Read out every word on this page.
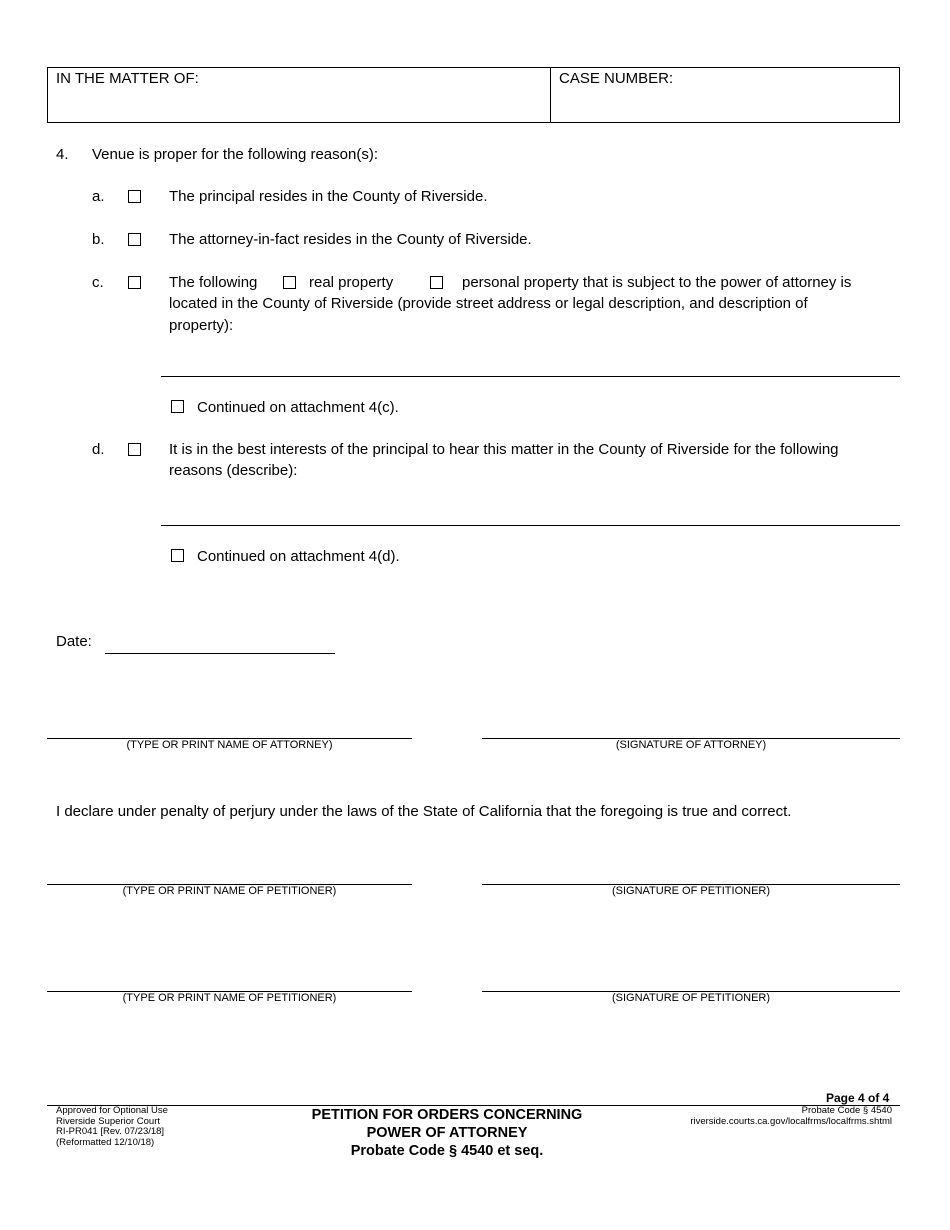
IN THE MATTER OF:	CASE NUMBER:
4. Venue is proper for the following reason(s):
a.	The principal resides in the County of Riverside.
b.	The attorney-in-fact resides in the County of Riverside.
c.	The following	real property	personal property that is subject to the power of attorney is
located in the County of Riverside (provide street address or legal description, and description of
property):
Continued on attachment 4(c).
d.	It is in the best interests of the principal to hear this matter in the County of Riverside for the following
reasons (describe):
Continued on attachment 4(d).
Date:
(TYPE OR PRINT NAME OF ATTORNEY)	(SIGNATURE OF ATTORNEY)
I declare under penalty of perjury under the laws of the State of California that the foregoing is true and correct.
(TYPE OR PRINT NAME OF PETITIONER)	(SIGNATURE OF PETITIONER)
(TYPE OR PRINT NAME OF PETITIONER)	(SIGNATURE OF PETITIONER)
Page 4 of 4
Approved for Optional Use
Riverside Superior Court
RI-PR041 [Rev. 07/23/18]
(Reformatted 12/10/18)
PETITION FOR ORDERS CONCERNING
POWER OF ATTORNEY
Probate Code § 4540 et seq.
Probate Code § 4540
riverside.courts.ca.gov/localfrms/localfrms.shtml
